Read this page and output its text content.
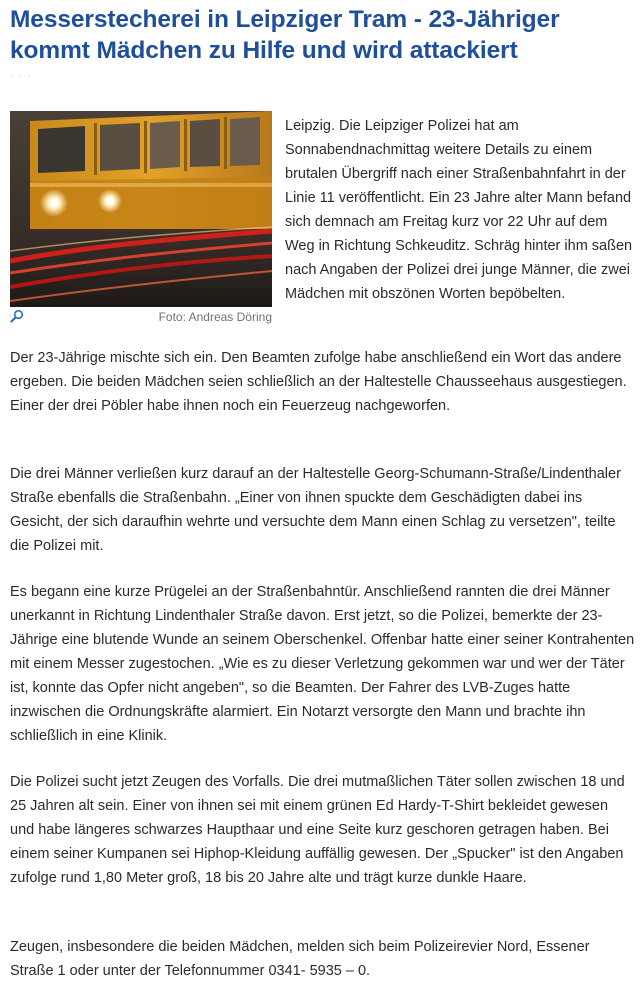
Messerstecherei in Leipziger Tram - 23-Jähriger kommt Mädchen zu Hilfe und wird attackiert
· · ·
Foto: Andreas Döring

Leipzig. Die Leipziger Polizei hat am Sonnabendnachmittag weitere Details zu einem brutalen Übergriff nach einer Straßenbahnfahrt in der Linie 11 veröffentlicht. Ein 23 Jahre alter Mann befand sich demnach am Freitag kurz vor 22 Uhr auf dem Weg in Richtung Schkeuditz. Schräg hinter ihm saßen nach Angaben der Polizei drei junge Männer, die zwei Mädchen mit obszönen Worten bepöbelten.

Der 23-Jährige mischte sich ein. Den Beamten zufolge habe anschließend ein Wort das andere ergeben. Die beiden Mädchen seien schließlich an der Haltestelle Chausseehaus ausgestiegen. Einer der drei Pöbler habe ihnen noch ein Feuerzeug nachgeworfen.

Die drei Männer verließen kurz darauf an der Haltestelle Georg-Schumann-Straße/Lindenthaler Straße ebenfalls die Straßenbahn. „Einer von ihnen spuckte dem Geschädigten dabei ins Gesicht, der sich daraufhin wehrte und versuchte dem Mann einen Schlag zu versetzen", teilte die Polizei mit.

Es begann eine kurze Prügelei an der Straßenbahntür. Anschließend rannten die drei Männer unerkannt in Richtung Lindenthaler Straße davon. Erst jetzt, so die Polizei, bemerkte der 23-Jährige eine blutende Wunde an seinem Oberschenkel. Offenbar hatte einer seiner Kontrahenten mit einem Messer zugestochen. „Wie es zu dieser Verletzung gekommen war und wer der Täter ist, konnte das Opfer nicht angeben", so die Beamten. Der Fahrer des LVB-Zuges hatte inzwischen die Ordnungskräfte alarmiert. Ein Notarzt versorgte den Mann und brachte ihn schließlich in eine Klinik.

Die Polizei sucht jetzt Zeugen des Vorfalls. Die drei mutmaßlichen Täter sollen zwischen 18 und 25 Jahren alt sein. Einer von ihnen sei mit einem grünen Ed Hardy-T-Shirt bekleidet gewesen und habe längeres schwarzes Haupthaar und eine Seite kurz geschoren getragen haben. Bei einem seiner Kumpanen sei Hiphop-Kleidung auffällig gewesen. Der „Spucker" ist den Angaben zufolge rund 1,80 Meter groß, 18 bis 20 Jahre alte und trägt kurze dunkle Haare.

Zeugen, insbesondere die beiden Mädchen, melden sich beim Polizeirevier Nord, Essener Straße 1 oder unter der Telefonnummer 0341- 5935 – 0.
